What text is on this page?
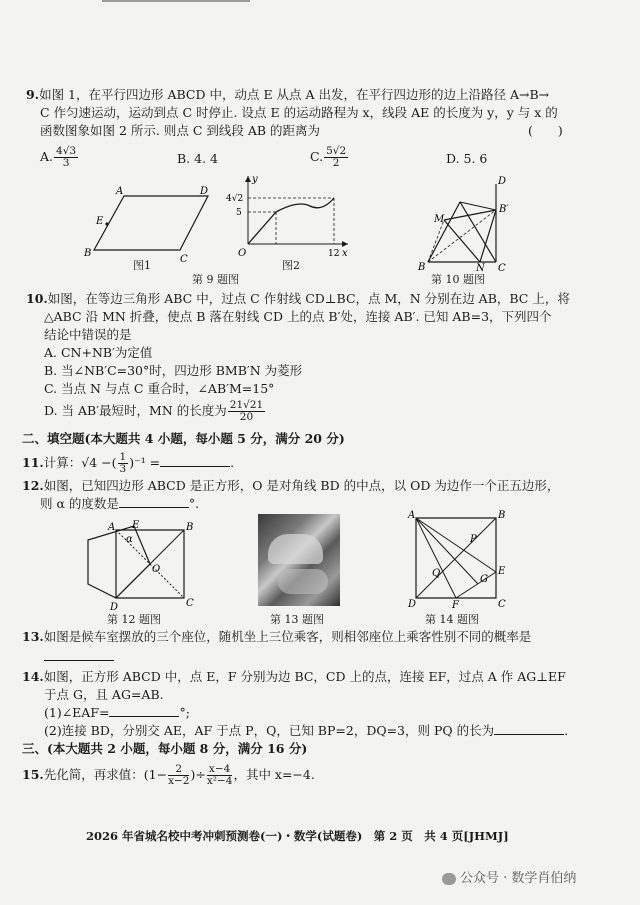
9.如图 1，在平行四边形 ABCD 中，动点 E 从点 A 出发，在平行四边形的边上沿路径 A→B→
C 作匀速运动，运动到点 C 时停止. 设点 E 的运动路程为 x，线段 AE 的长度为 y，y 与 x 的
函数图象如图 2 所示. 则点 C 到线段 AB 的距离为	(　　)
A. $\frac{4√3}{3}$	B. 4. 4	C. $\frac{5√2}{2}$	D. 5. 6
A
B
C
D
E
图1
y
x
O
4√2
5
12
图2
第 9 题图
D
M
B′
B	N C
第 10 题图
10.如图，在等边三角形 ABC 中，过点 C 作射线 CD⊥BC，点 M，N 分别在边 AB，BC 上，将
△ABC 沿 MN 折叠，使点 B 落在射线 CD 上的点 B′处，连接 AB′. 已知 AB=3，下列四个
结论中错误的是
A. CN+NB′为定值
B. 当∠NB′C=30°时，四边形 BMB′N 为菱形
C. 当点 N 与点 C 重合时，∠AB′M=15°
D. 当 AB′最短时，MN 的长度为 $\frac{21√21}{20}$
二、填空题(本大题共 4 小题，每小题 5 分，满分 20 分)
11.计算：√4 −( $\frac{1}{3} )^{-1}$ =	.
12.如图，已知四边形 ABCD 是正方形，O 是对角线 BD 的中点，以 OD 为边作一个正五边形，
则 α 的度数是	°.
A	B
C
D
E
O
α
第 12 题图	第 13 题图
A	B
C
D
E
F
G
P
Q
第 14 题图
13.如图是候车室摆放的三个座位，随机坐上三位乘客，则相邻座位上乘客性别不同的概率是
14.如图，正方形 ABCD 中，点 E，F 分别为边 BC，CD 上的点，连接 EF，过点 A 作 AG⊥EF
于点 G，且 AG=AB.
(1)∠EAF=	°;
(2)连接 BD，分别交 AE，AF 于点 P，Q，已知 BP=2，DQ=3，则 PQ 的长为	.
三、(本大题共 2 小题，每小题 8 分，满分 16 分)
15.先化简，再求值：($1- \frac{2}{x-2}$ )÷ $\frac{x-4}{\text{x²−4}}$ ，其中 x=−4.
2026 年省城名校中考冲刺预测卷(一)・数学(试题卷)　第 2 页　共 4 页[JHMJ]
公众号 · 数学肖伯纳
